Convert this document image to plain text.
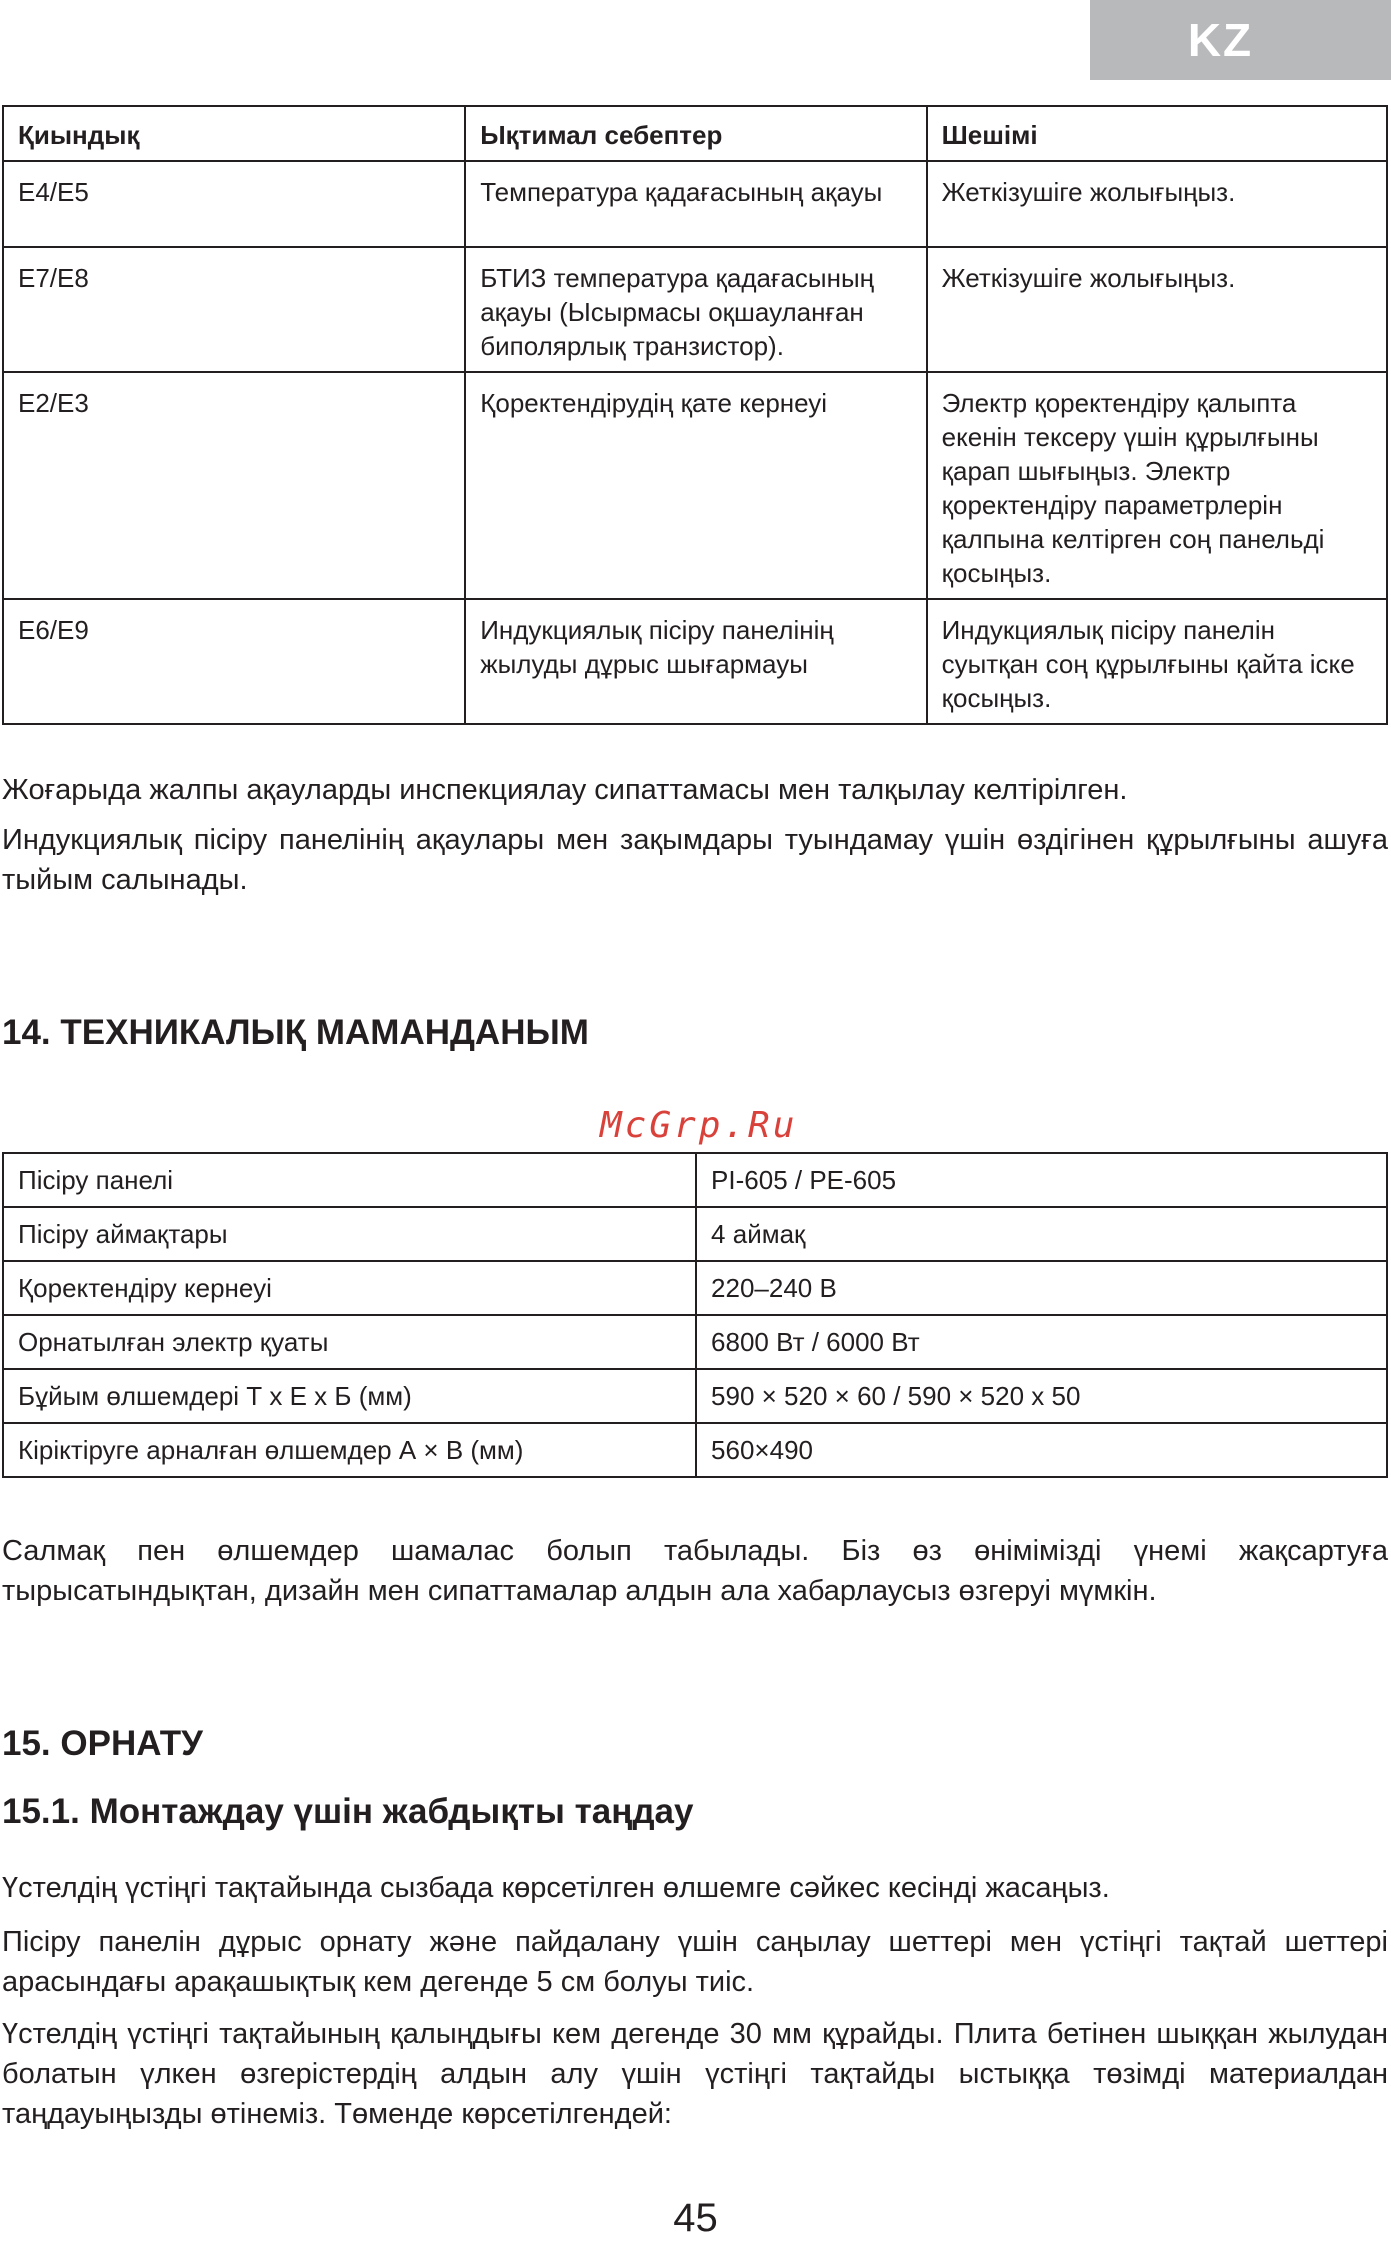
KZ
Қиындық	Ықтимал себептер	Шешімі
E4/E5	Температура қадағасының ақауы	Жеткізушіге жолығыңыз.
E7/E8	БТИЗ температура қадағасының ақауы (Ысырмасы оқшауланған биполярлық транзистор).	Жеткізушіге жолығыңыз.
E2/E3	Қоректендірудің қате кернеуі	Электр қоректендіру қалыпта екенін тексеру үшін құрылғыны қарап шығыңыз. Электр қоректендіру параметрлерін қалпына келтірген соң панельді қосыңыз.
E6/E9	Индукциялық пісіру панелінің жылуды дұрыс шығармауы	Индукциялық пісіру панелін суытқан соң құрылғыны қайта іске қосыңыз.

Жоғарыда жалпы ақауларды инспекциялау сипаттамасы мен талқылау келтірілген.

Индукциялық пісіру панелінің ақаулары мен зақымдары туындамау үшін өздігінен құрылғыны ашуға тыйым салынады.

14. ТЕХНИКАЛЫҚ МАМАНДАНЫМ
McGrp.Ru
Пісіру панелі	PI-605 / PE-605
Пісіру аймақтары	4 аймақ
Қоректендіру кернеуі	220–240 В
Орнатылған электр қуаты	6800 Вт / 6000 Вт
Бұйым өлшемдері Т х Е х Б (мм)	590 × 520 × 60 / 590 × 520 х 50
Кірiктіруге арналған өлшемдер А × В (мм)	560×490

Салмақ пен өлшемдер шамалас болып табылады. Біз өз өнімімізді үнемі жақсартуға тырысатындықтан, дизайн мен сипаттамалар алдын ала хабарлаусыз өзгеруі мүмкін.

15. ОРНАТУ
15.1. Монтаждау үшін жабдықты таңдау

Үстелдің үстіңгі тақтайында сызбада көрсетілген өлшемге сәйкес кесінді жасаңыз.

Пісіру панелін дұрыс орнату және пайдалану үшін саңылау шеттері мен үстіңгі тақтай шеттері арасындағы арақашықтық кем дегенде 5 см болуы тиіс.

Үстелдің үстіңгі тақтайының қалыңдығы кем дегенде 30 мм құрайды. Плита бетінен шыққан жылудан болатын үлкен өзгерістердің алдын алу үшін үстіңгі тақтайды ыстыққа төзімді материалдан таңдауыңызды өтінеміз. Төменде көрсетілгендей:

45
